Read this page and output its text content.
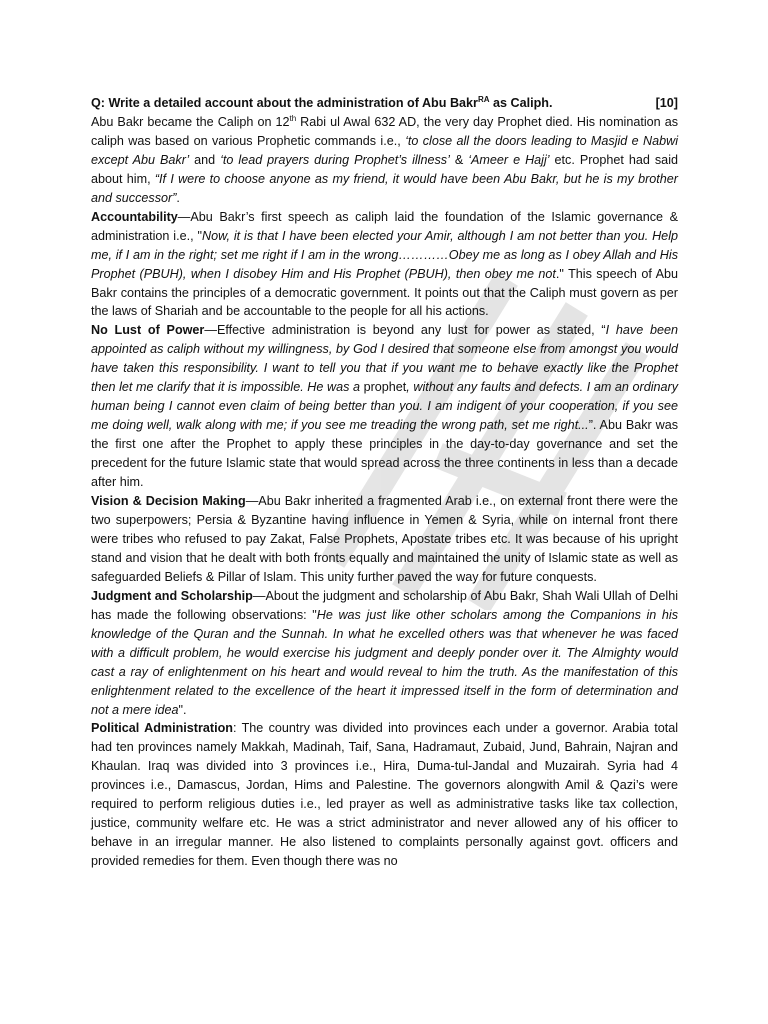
Q: Write a detailed account about the administration of Abu Bakr$^{RA}$ as Caliph.	[10]

Abu Bakr became the Caliph on 12th Rabi ul Awal 632 AD, the very day Prophet died. His nomination as caliph was based on various Prophetic commands i.e., ‘to close all the doors leading to Masjid e Nabwi except Abu Bakr’ and ‘to lead prayers during Prophet’s illness’ & ‘Ameer e Hajj’ etc. Prophet had said about him, “If I were to choose anyone as my friend, it would have been Abu Bakr, but he is my brother and successor”.

Accountability—Abu Bakr’s first speech as caliph laid the foundation of the Islamic governance & administration i.e., "Now, it is that I have been elected your Amir, although I am not better than you. Help me, if I am in the right; set me right if I am in the wrong…………Obey me as long as I obey Allah and His Prophet (PBUH), when I disobey Him and His Prophet (PBUH), then obey me not." This speech of Abu Bakr contains the principles of a democratic government. It points out that the Caliph must govern as per the laws of Shariah and be accountable to the people for all his actions.

No Lust of Power—Effective administration is beyond any lust for power as stated, “I have been appointed as caliph without my willingness, by God I desired that someone else from amongst you would have taken this responsibility. I want to tell you that if you want me to behave exactly like the Prophet then let me clarify that it is impossible. He was a prophet, without any faults and defects. I am an ordinary human being I cannot even claim of being better than you. I am indigent of your cooperation, if you see me doing well, walk along with me; if you see me treading the wrong path, set me right...”. Abu Bakr was the first one after the Prophet to apply these principles in the day-to-day governance and set the precedent for the future Islamic state that would spread across the three continents in less than a decade after him.

Vision & Decision Making—Abu Bakr inherited a fragmented Arab i.e., on external front there were the two superpowers; Persia & Byzantine having influence in Yemen & Syria, while on internal front there were tribes who refused to pay Zakat, False Prophets, Apostate tribes etc. It was because of his upright stand and vision that he dealt with both fronts equally and maintained the unity of Islamic state as well as safeguarded Beliefs & Pillar of Islam. This unity further paved the way for future conquests.

Judgment and Scholarship—About the judgment and scholarship of Abu Bakr, Shah Wali Ullah of Delhi has made the following observations: "He was just like other scholars among the Companions in his knowledge of the Quran and the Sunnah. In what he excelled others was that whenever he was faced with a difficult problem, he would exercise his judgment and deeply ponder over it. The Almighty would cast a ray of enlightenment on his heart and would reveal to him the truth. As the manifestation of this enlightenment related to the excellence of the heart it impressed itself in the form of determination and not a mere idea".

Political Administration: The country was divided into provinces each under a governor. Arabia total had ten provinces namely Makkah, Madinah, Taif, Sana, Hadramaut, Zubaid, Jund, Bahrain, Najran and Khaulan. Iraq was divided into 3 provinces i.e., Hira, Duma-tul-Jandal and Muzairah. Syria had 4 provinces i.e., Damascus, Jordan, Hims and Palestine. The governors alongwith Amil & Qazi’s were required to perform religious duties i.e., led prayer as well as administrative tasks like tax collection, justice, community welfare etc. He was a strict administrator and never allowed any of his officer to behave in an irregular manner. He also listened to complaints personally against govt. officers and provided remedies for them. Even though there was no
